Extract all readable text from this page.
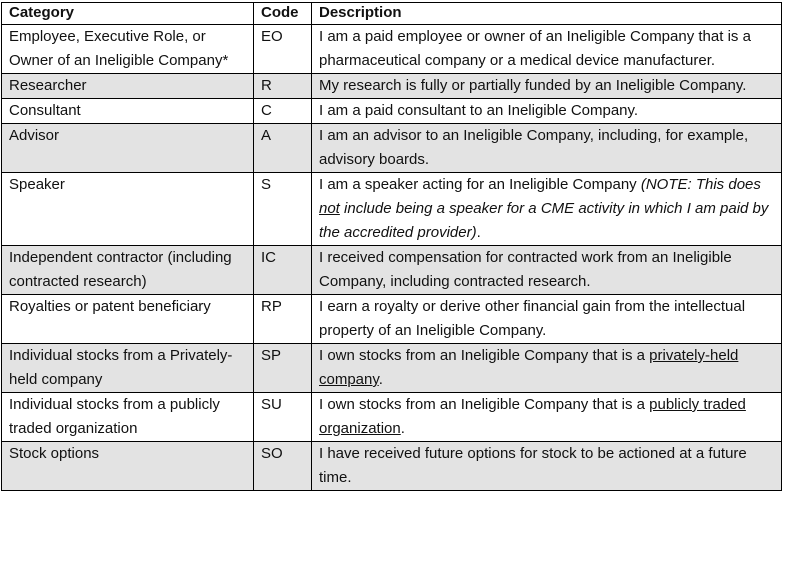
Category	Code	Description
Employee, Executive Role, or Owner of an Ineligible Company*	EO	I am a paid employee or owner of an Ineligible Company that is a pharmaceutical company or a medical device manufacturer.
Researcher	R	My research is fully or partially funded by an Ineligible Company.
Consultant	C	I am a paid consultant to an Ineligible Company.
Advisor	A	I am an advisor to an Ineligible Company, including, for example, advisory boards.
Speaker	S	I am a speaker acting for an Ineligible Company (NOTE: This does not include being a speaker for a CME activity in which I am paid by the accredited provider).
Independent contractor (including contracted research)	IC	I received compensation for contracted work from an Ineligible Company, including contracted research.
Royalties or patent beneficiary	RP	I earn a royalty or derive other financial gain from the intellectual property of an Ineligible Company.
Individual stocks from a Privately-held company	SP	I own stocks from an Ineligible Company that is a privately-held company.
Individual stocks from a publicly traded organization	SU	I own stocks from an Ineligible Company that is a publicly traded organization.
Stock options	SO	I have received future options for stock to be actioned at a future time.
